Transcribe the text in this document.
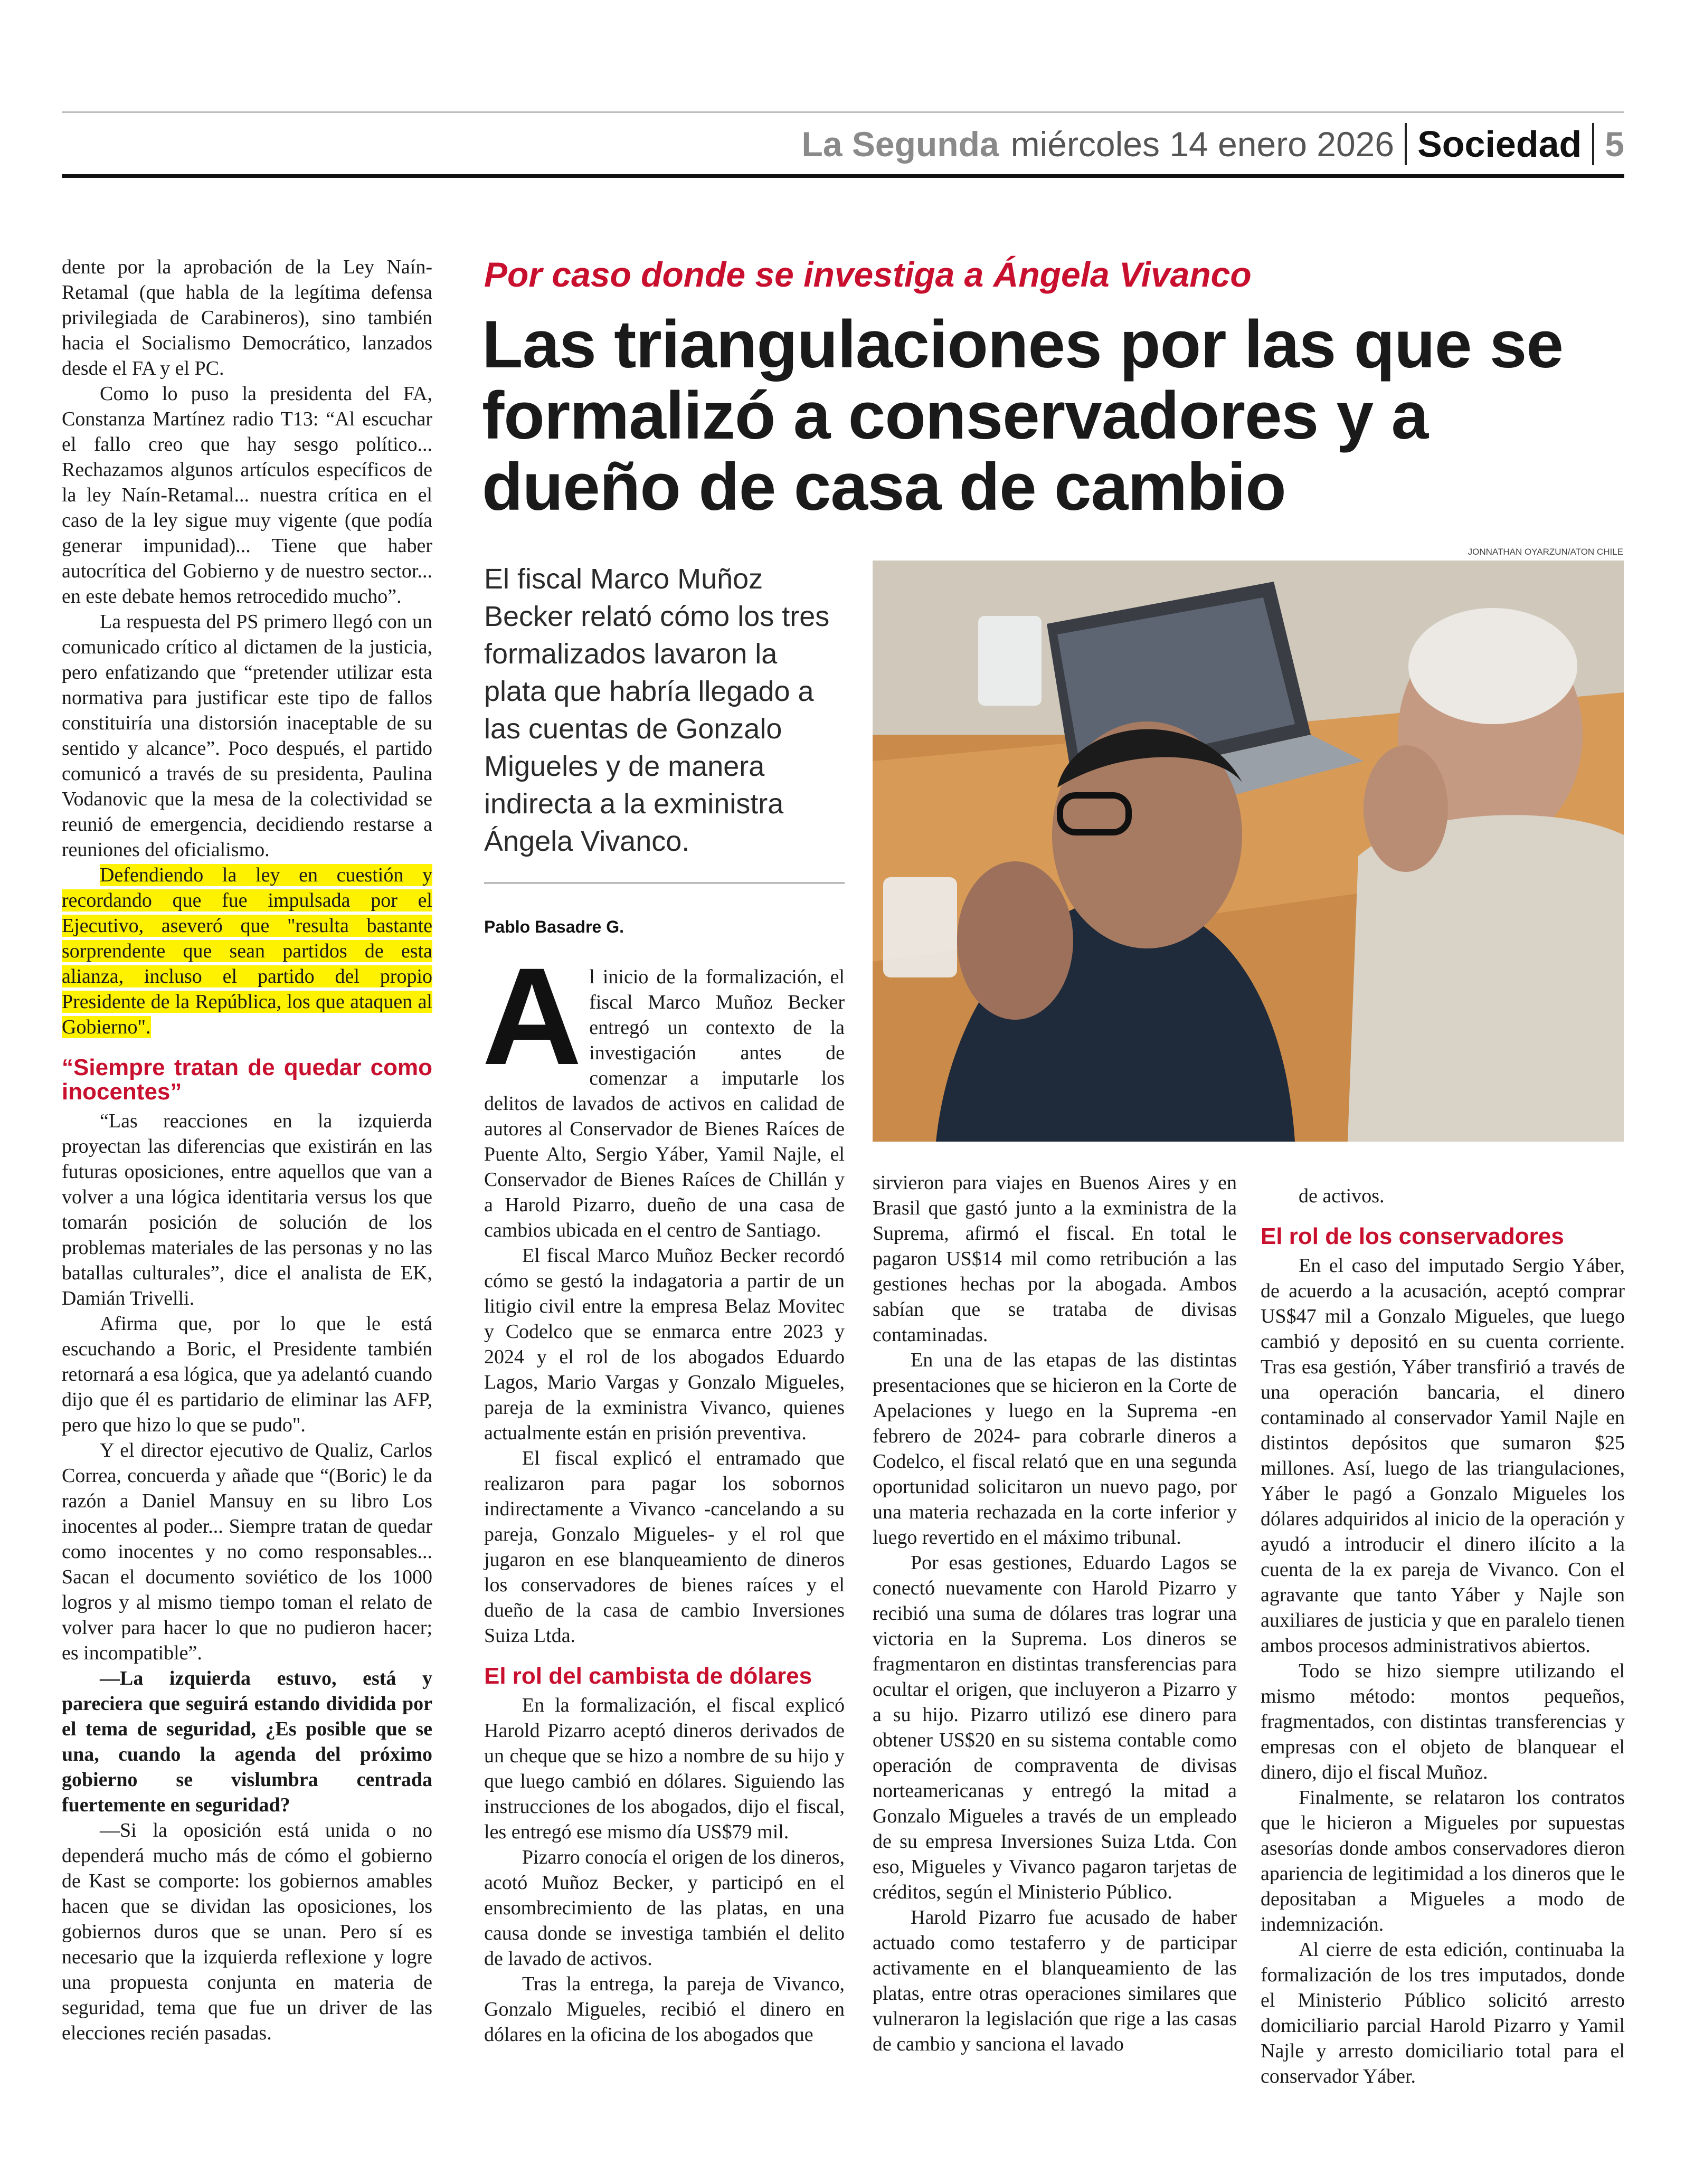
La Segunda miércoles 14 enero 2026 Sociedad 5

dente por la aprobación de la Ley Naín-Retamal (que habla de la legítima defensa privilegiada de Carabineros), sino también hacia el Socialismo Democrático, lanzados desde el FA y el PC.

Como lo puso la presidenta del FA, Constanza Martínez radio T13: “Al escuchar el fallo creo que hay sesgo político... Rechazamos algunos artículos específicos de la ley Naín-Retamal... nuestra crítica en el caso de la ley sigue muy vigente (que podía generar impunidad)... Tiene que haber autocrítica del Gobierno y de nuestro sector... en este debate hemos retrocedido mucho”.

La respuesta del PS primero llegó con un comunicado crítico al dictamen de la justicia, pero enfatizando que “pretender utilizar esta normativa para justificar este tipo de fallos constituiría una distorsión inaceptable de su sentido y alcance”. Poco después, el partido comunicó a través de su presidenta, Paulina Vodanovic que la mesa de la colectividad se reunió de emergencia, decidiendo restarse a reuniones del oficialismo.

Defendiendo la ley en cuestión y recordando que fue impulsada por el Ejecutivo, aseveró que "resulta bastante sorprendente que sean partidos de esta alianza, incluso el partido del propio Presidente de la República, los que ataquen al Gobierno".

“Siempre tratan de quedar como inocentes”

“Las reacciones en la izquierda proyectan las diferencias que existirán en las futuras oposiciones, entre aquellos que van a volver a una lógica identitaria versus los que tomarán posición de solución de los problemas materiales de las personas y no las batallas culturales”, dice el analista de EK, Damián Trivelli.

Afirma que, por lo que le está escuchando a Boric, el Presidente también retornará a esa lógica, que ya adelantó cuando dijo que él es partidario de eliminar las AFP, pero que hizo lo que se pudo".

Y el director ejecutivo de Qualiz, Carlos Correa, concuerda y añade que “(Boric) le da razón a Daniel Mansuy en su libro Los inocentes al poder... Siempre tratan de quedar como inocentes y no como responsables... Sacan el documento soviético de los 1000 logros y al mismo tiempo toman el relato de volver para hacer lo que no pudieron hacer; es incompatible”.

—La izquierda estuvo, está y pareciera que seguirá estando dividida por el tema de seguridad, ¿Es posible que se una, cuando la agenda del próximo gobierno se vislumbra centrada fuertemente en seguridad?

—Si la oposición está unida o no dependerá mucho más de cómo el gobierno de Kast se comporte: los gobiernos amables hacen que se dividan las oposiciones, los gobiernos duros que se unan. Pero sí es necesario que la izquierda reflexione y logre una propuesta conjunta en materia de seguridad, tema que fue un driver de las elecciones recién pasadas.

Por caso donde se investiga a Ángela Vivanco
Las triangulaciones por las que se formalizó a conservadores y a dueño de casa de cambio
JONNATHAN OYARZUN/ATON CHILE
El fiscal Marco Muñoz Becker relató cómo los tres formalizados lavaron la plata que habría llegado a las cuentas de Gonzalo Migueles y de manera indirecta a la exministra Ángela Vivanco.
Pablo Basadre G.

Al inicio de la formalización, el fiscal Marco Muñoz Becker entregó un contexto de la investigación antes de comenzar a imputarle los delitos de lavados de activos en calidad de autores al Conservador de Bienes Raíces de Puente Alto, Sergio Yáber, Yamil Najle, el Conservador de Bienes Raíces de Chillán y a Harold Pizarro, dueño de una casa de cambios ubicada en el centro de Santiago.

El fiscal Marco Muñoz Becker recordó cómo se gestó la indagatoria a partir de un litigio civil entre la empresa Belaz Movitec y Codelco que se enmarca entre 2023 y 2024 y el rol de los abogados Eduardo Lagos, Mario Vargas y Gonzalo Migueles, pareja de la exministra Vivanco, quienes actualmente están en prisión preventiva.

El fiscal explicó el entramado que realizaron para pagar los sobornos indirectamente a Vivanco -cancelando a su pareja, Gonzalo Migueles- y el rol que jugaron en ese blanqueamiento de dineros los conservadores de bienes raíces y el dueño de la casa de cambio Inversiones Suiza Ltda.

El rol del cambista de dólares

En la formalización, el fiscal explicó Harold Pizarro aceptó dineros derivados de un cheque que se hizo a nombre de su hijo y que luego cambió en dólares. Siguiendo las instrucciones de los abogados, dijo el fiscal, les entregó ese mismo día US$79 mil.

Pizarro conocía el origen de los dineros, acotó Muñoz Becker, y participó en el ensombrecimiento de las platas, en una causa donde se investiga también el delito de lavado de activos.

Tras la entrega, la pareja de Vivanco, Gonzalo Migueles, recibió el dinero en dólares en la oficina de los abogados que

sirvieron para viajes en Buenos Aires y en Brasil que gastó junto a la exministra de la Suprema, afirmó el fiscal. En total le pagaron US$14 mil como retribución a las gestiones hechas por la abogada. Ambos sabían que se trataba de divisas contaminadas.

En una de las etapas de las distintas presentaciones que se hicieron en la Corte de Apelaciones y luego en la Suprema -en febrero de 2024- para cobrarle dineros a Codelco, el fiscal relató que en una segunda oportunidad solicitaron un nuevo pago, por una materia rechazada en la corte inferior y luego revertido en el máximo tribunal.

Por esas gestiones, Eduardo Lagos se conectó nuevamente con Harold Pizarro y recibió una suma de dólares tras lograr una victoria en la Suprema. Los dineros se fragmentaron en distintas transferencias para ocultar el origen, que incluyeron a Pizarro y a su hijo. Pizarro utilizó ese dinero para obtener US$20 en su sistema contable como operación de compraventa de divisas norteamericanas y entregó la mitad a Gonzalo Migueles a través de un empleado de su empresa Inversiones Suiza Ltda. Con eso, Migueles y Vivanco pagaron tarjetas de créditos, según el Ministerio Público.

Harold Pizarro fue acusado de haber actuado como testaferro y de participar activamente en el blanqueamiento de las platas, entre otras operaciones similares que vulneraron la legislación que rige a las casas de cambio y sanciona el lavado

de activos.

El rol de los conservadores

En el caso del imputado Sergio Yáber, de acuerdo a la acusación, aceptó comprar US$47 mil a Gonzalo Migueles, que luego cambió y depositó en su cuenta corriente. Tras esa gestión, Yáber transfirió a través de una operación bancaria, el dinero contaminado al conservador Yamil Najle en distintos depósitos que sumaron $25 millones. Así, luego de las triangulaciones, Yáber le pagó a Gonzalo Migueles los dólares adquiridos al inicio de la operación y ayudó a introducir el dinero ilícito a la cuenta de la ex pareja de Vivanco. Con el agravante que tanto Yáber y Najle son auxiliares de justicia y que en paralelo tienen ambos procesos administrativos abiertos.

Todo se hizo siempre utilizando el mismo método: montos pequeños, fragmentados, con distintas transferencias y empresas con el objeto de blanquear el dinero, dijo el fiscal Muñoz.

Finalmente, se relataron los contratos que le hicieron a Migueles por supuestas asesorías donde ambos conservadores dieron apariencia de legitimidad a los dineros que le depositaban a Migueles a modo de indemnización.

Al cierre de esta edición, continuaba la formalización de los tres imputados, donde el Ministerio Público solicitó arresto domiciliario parcial Harold Pizarro y Yamil Najle y arresto domiciliario total para el conservador Yáber.
